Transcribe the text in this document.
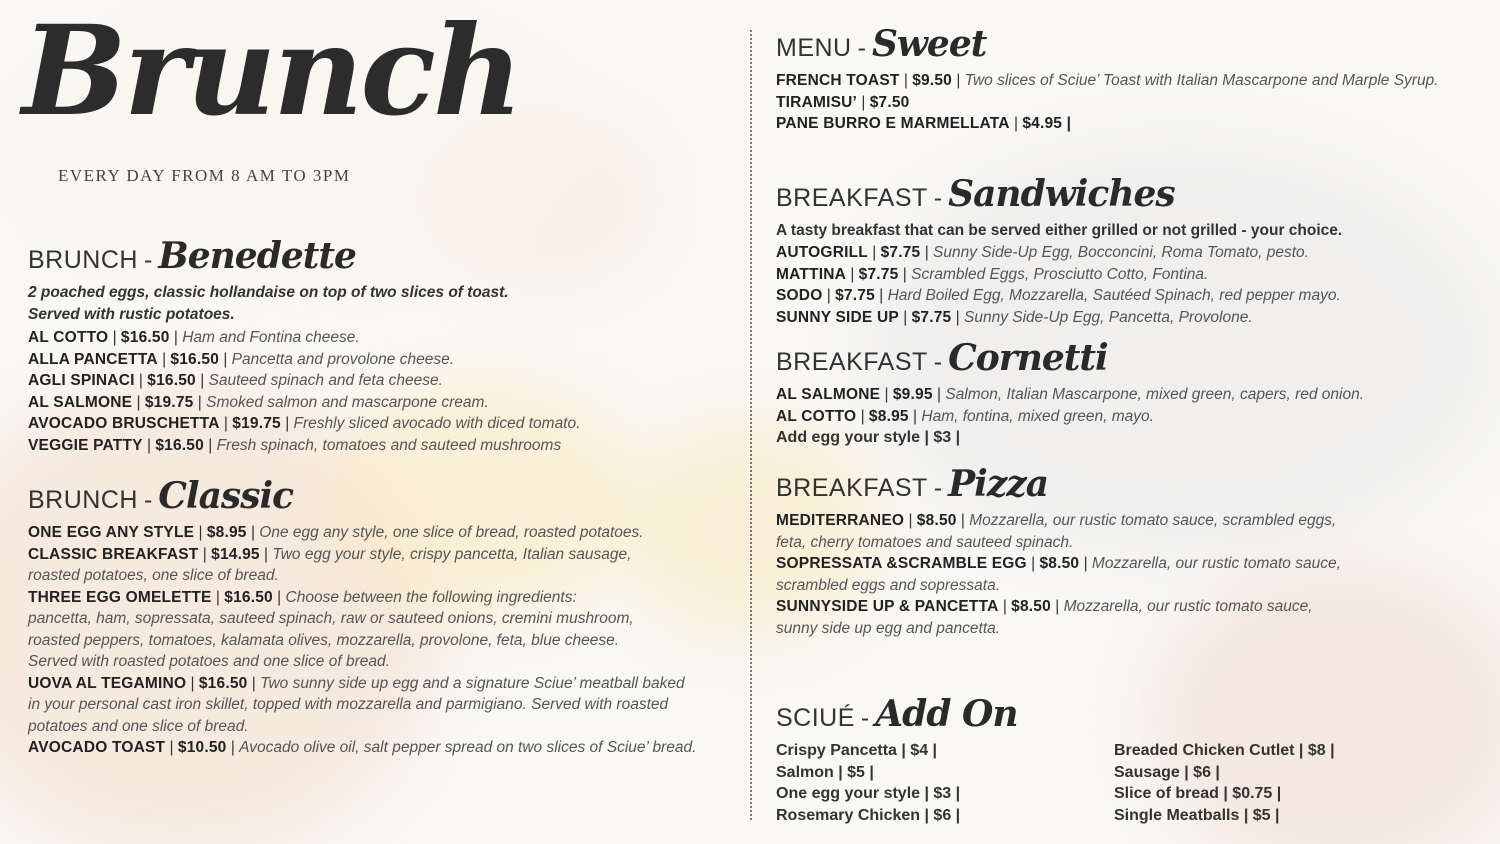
Brunch
EVERY DAY FROM 8 AM TO 3PM
BRUNCH - Benedette
2 poached eggs, classic hollandaise on top of two slices of toast.
Served with rustic potatoes.
AL COTTO | $16.50 | Ham and Fontina cheese.
ALLA PANCETTA | $16.50 | Pancetta and provolone cheese.
AGLI SPINACI | $16.50 | Sauteed spinach and feta cheese.
AL SALMONE | $19.75 | Smoked salmon and mascarpone cream.
AVOCADO BRUSCHETTA | $19.75 | Freshly sliced avocado with diced tomato.
VEGGIE PATTY | $16.50 | Fresh spinach, tomatoes and sauteed mushrooms
BRUNCH - Classic
ONE EGG ANY STYLE | $8.95 | One egg any style, one slice of bread, roasted potatoes.
CLASSIC BREAKFAST | $14.95 | Two egg your style, crispy pancetta, Italian sausage,
roasted potatoes, one slice of bread.
THREE EGG OMELETTE | $16.50 | Choose between the following ingredients:
pancetta, ham, sopressata, sauteed spinach, raw or sauteed onions, cremini mushroom,
roasted peppers, tomatoes, kalamata olives, mozzarella, provolone, feta, blue cheese.
Served with roasted potatoes and one slice of bread.
UOVA AL TEGAMINO | $16.50 | Two sunny side up egg and a signature Sciue’ meatball baked
in your personal cast iron skillet, topped with mozzarella and parmigiano. Served with roasted
potatoes and one slice of bread.
AVOCADO TOAST | $10.50 | Avocado olive oil, salt pepper spread on two slices of Sciue’ bread.
MENU - Sweet
FRENCH TOAST | $9.50 | Two slices of Sciue’ Toast with Italian Mascarpone and Marple Syrup.
TIRAMISU’ | $7.50
PANE BURRO E MARMELLATA | $4.95 |
BREAKFAST - Sandwiches
A tasty breakfast that can be served either grilled or not grilled - your choice.
AUTOGRILL | $7.75 | Sunny Side-Up Egg, Bocconcini, Roma Tomato, pesto.
MATTINA | $7.75 | Scrambled Eggs, Prosciutto Cotto, Fontina.
SODO | $7.75 | Hard Boiled Egg, Mozzarella, Sautéed Spinach, red pepper mayo.
SUNNY SIDE UP | $7.75 | Sunny Side-Up Egg, Pancetta, Provolone.
BREAKFAST - Cornetti
AL SALMONE | $9.95 | Salmon, Italian Mascarpone, mixed green, capers, red onion.
AL COTTO | $8.95 | Ham, fontina, mixed green, mayo.
Add egg your style | $3 |
BREAKFAST - Pizza
MEDITERRANEO | $8.50 | Mozzarella, our rustic tomato sauce, scrambled eggs,
feta, cherry tomatoes and sauteed spinach.
SOPRESSATA &SCRAMBLE EGG | $8.50 | Mozzarella, our rustic tomato sauce,
scrambled eggs and sopressata.
SUNNYSIDE UP & PANCETTA | $8.50 | Mozzarella, our rustic tomato sauce,
sunny side up egg and pancetta.
SCIUÉ - Add On
Crispy Pancetta | $4 |
Salmon | $5 |
One egg your style | $3 |
Rosemary Chicken | $6 |
Breaded Chicken Cutlet | $8 |
Sausage | $6 |
Slice of bread | $0.75 |
Single Meatballs | $5 |
